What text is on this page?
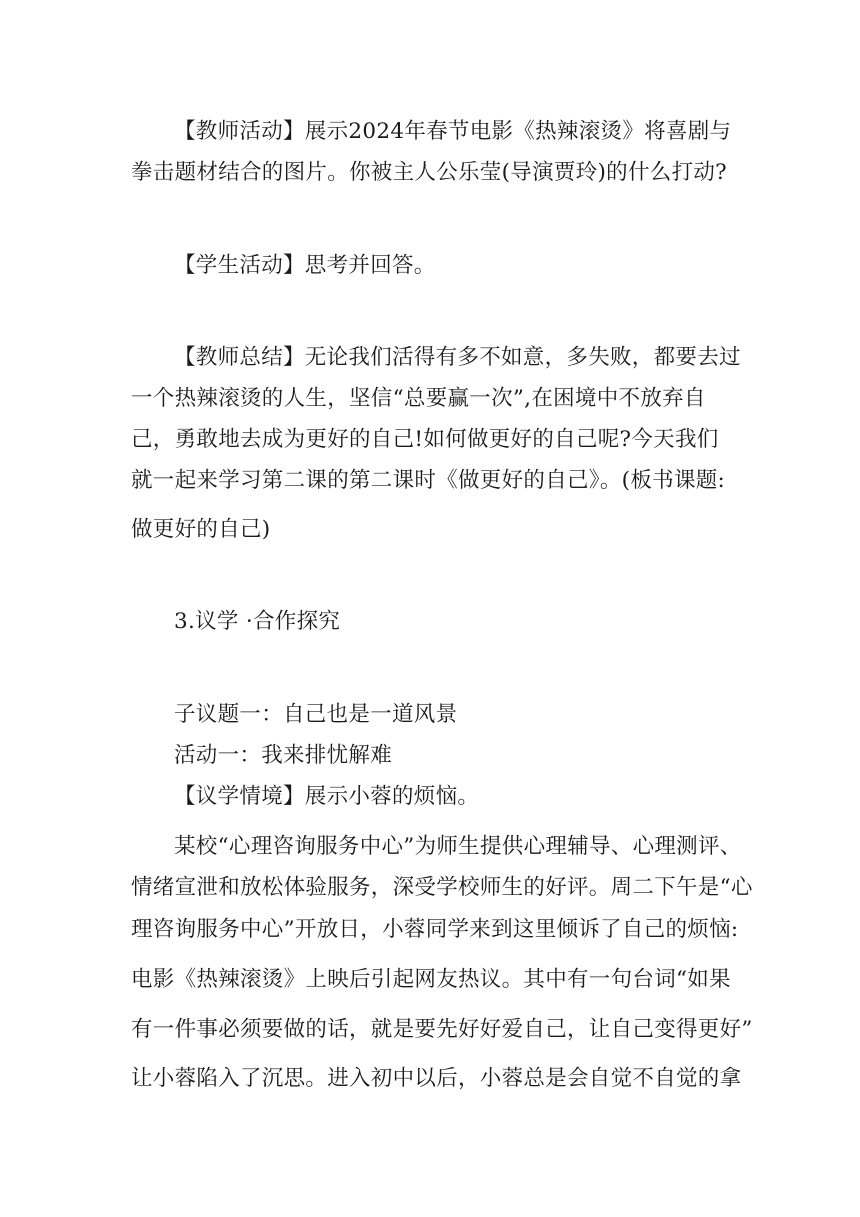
【教师活动】展示2024年春节电影《热辣滚烫》将喜剧与
拳击题材结合的图片。你被主人公乐莹(导演贾玲)的什么打动?
【学生活动】思考并回答。
【教师总结】无论我们活得有多不如意，多失败，都要去过
一个热辣滚烫的人生，坚信“总要赢一次”,在困境中不放弃自
己，勇敢地去成为更好的自己!如何做更好的自己呢?今天我们
就一起来学习第二课的第二课时《做更好的自己》。(板书课题:
做更好的自己)
3.议学 ·合作探究
子议题一：自己也是一道风景
活动一：我来排忧解难
【议学情境】展示小蓉的烦恼。
某校“心理咨询服务中心”为师生提供心理辅导、心理测评、
情绪宣泄和放松体验服务，深受学校师生的好评。周二下午是“心
理咨询服务中心”开放日，小蓉同学来到这里倾诉了自己的烦恼:
电影《热辣滚烫》上映后引起网友热议。其中有一句台词“如果
有一件事必须要做的话，就是要先好好爱自己，让自己变得更好”
让小蓉陷入了沉思。进入初中以后，小蓉总是会自觉不自觉的拿
